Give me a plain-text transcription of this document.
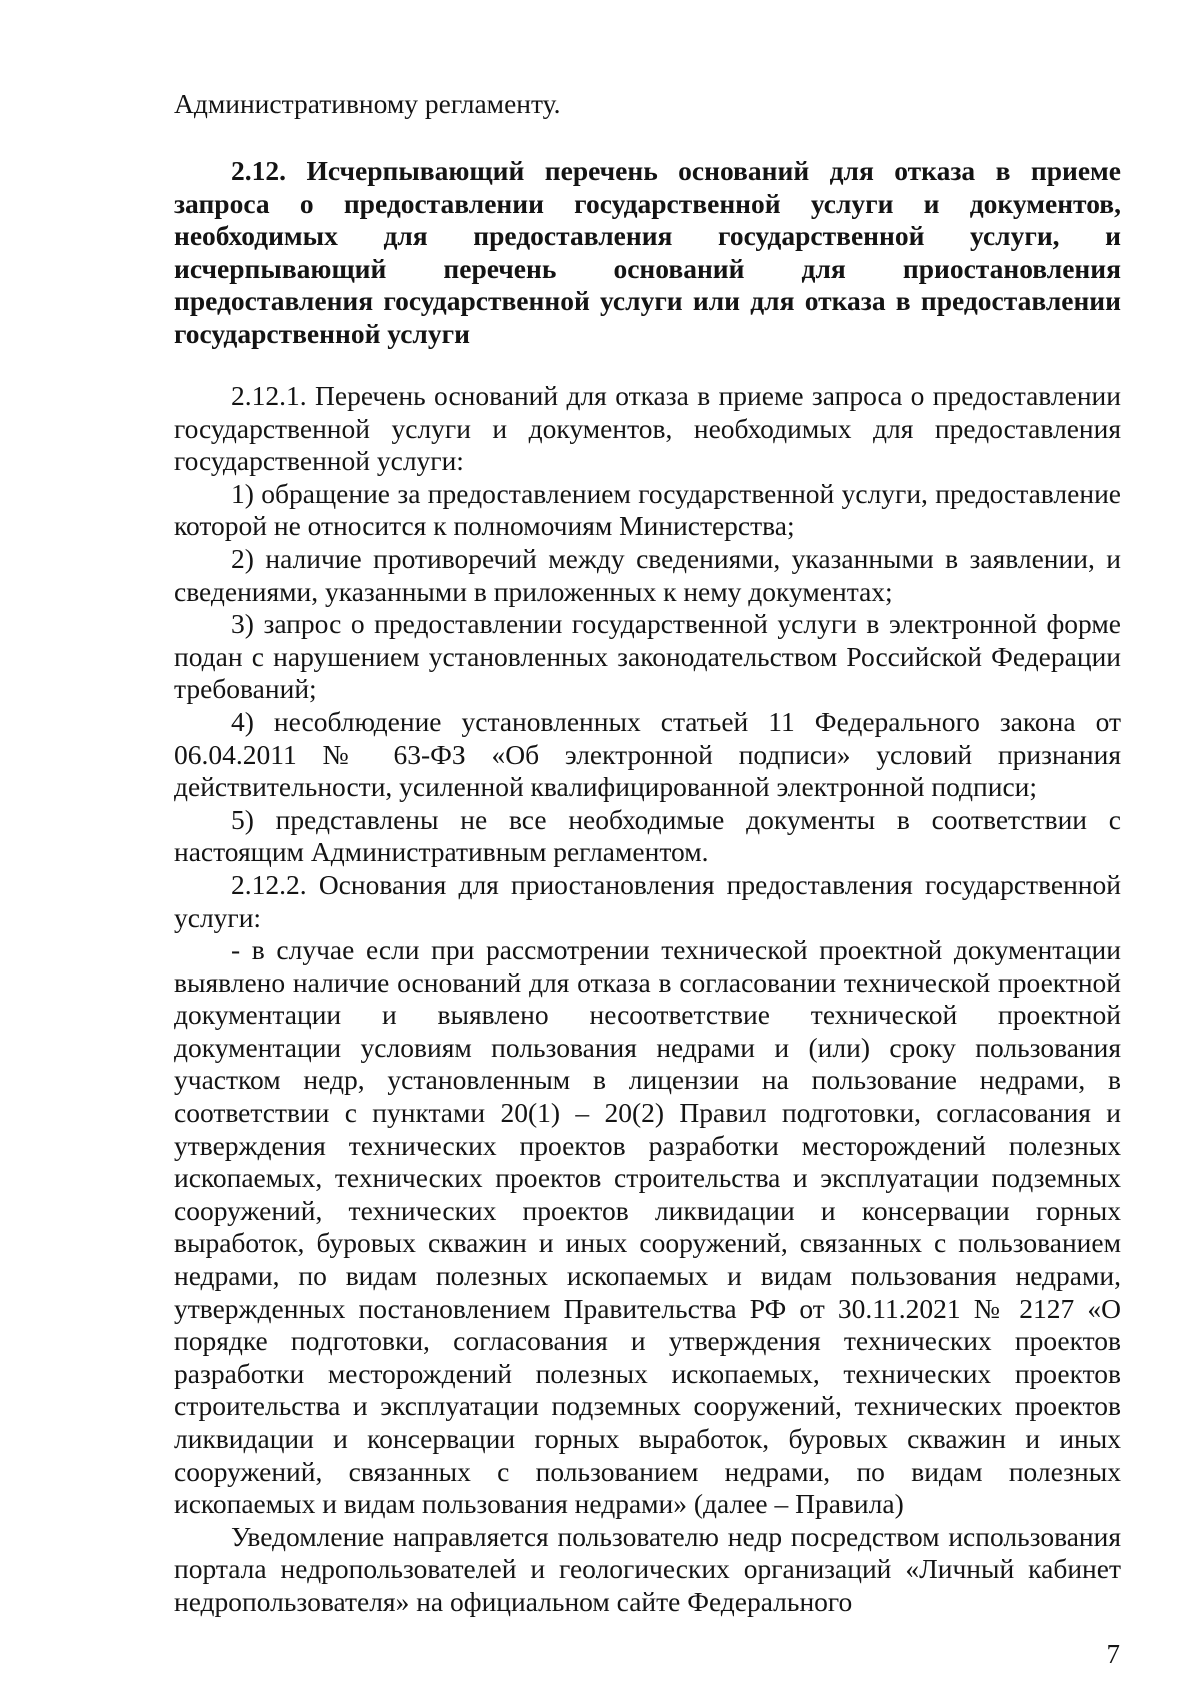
Административному регламенту.

2.12. Исчерпывающий перечень оснований для отказа в приеме запроса о предоставлении государственной услуги и документов, необходимых для предоставления государственной услуги, и исчерпывающий перечень оснований для приостановления предоставления государственной услуги или для отказа в предоставлении государственной услуги

2.12.1. Перечень оснований для отказа в приеме запроса о предоставлении государственной услуги и документов, необходимых для предоставления государственной услуги:

1) обращение за предоставлением государственной услуги, предоставление которой не относится к полномочиям Министерства;

2) наличие противоречий между сведениями, указанными в заявлении, и сведениями, указанными в приложенных к нему документах;

3) запрос о предоставлении государственной услуги в электронной форме подан с нарушением установленных законодательством Российской Федерации требований;

4) несоблюдение установленных статьей 11 Федерального закона от 06.04.2011 № 63-ФЗ «Об электронной подписи» условий признания действительности, усиленной квалифицированной электронной подписи;

5) представлены не все необходимые документы в соответствии с настоящим Административным регламентом.

2.12.2. Основания для приостановления предоставления государственной услуги:

- в случае если при рассмотрении технической проектной документации выявлено наличие оснований для отказа в согласовании технической проектной документации и выявлено несоответствие технической проектной документации условиям пользования недрами и (или) сроку пользования участком недр, установленным в лицензии на пользование недрами, в соответствии с пунктами 20(1) – 20(2) Правил подготовки, согласования и утверждения технических проектов разработки месторождений полезных ископаемых, технических проектов строительства и эксплуатации подземных сооружений, технических проектов ликвидации и консервации горных выработок, буровых скважин и иных сооружений, связанных с пользованием недрами, по видам полезных ископаемых и видам пользования недрами, утвержденных постановлением Правительства РФ от 30.11.2021 № 2127 «О порядке подготовки, согласования и утверждения технических проектов разработки месторождений полезных ископаемых, технических проектов строительства и эксплуатации подземных сооружений, технических проектов ликвидации и консервации горных выработок, буровых скважин и иных сооружений, связанных с пользованием недрами, по видам полезных ископаемых и видам пользования недрами» (далее – Правила)

Уведомление направляется пользователю недр посредством использования портала недропользователей и геологических организаций «Личный кабинет недропользователя» на официальном сайте Федерального

7
